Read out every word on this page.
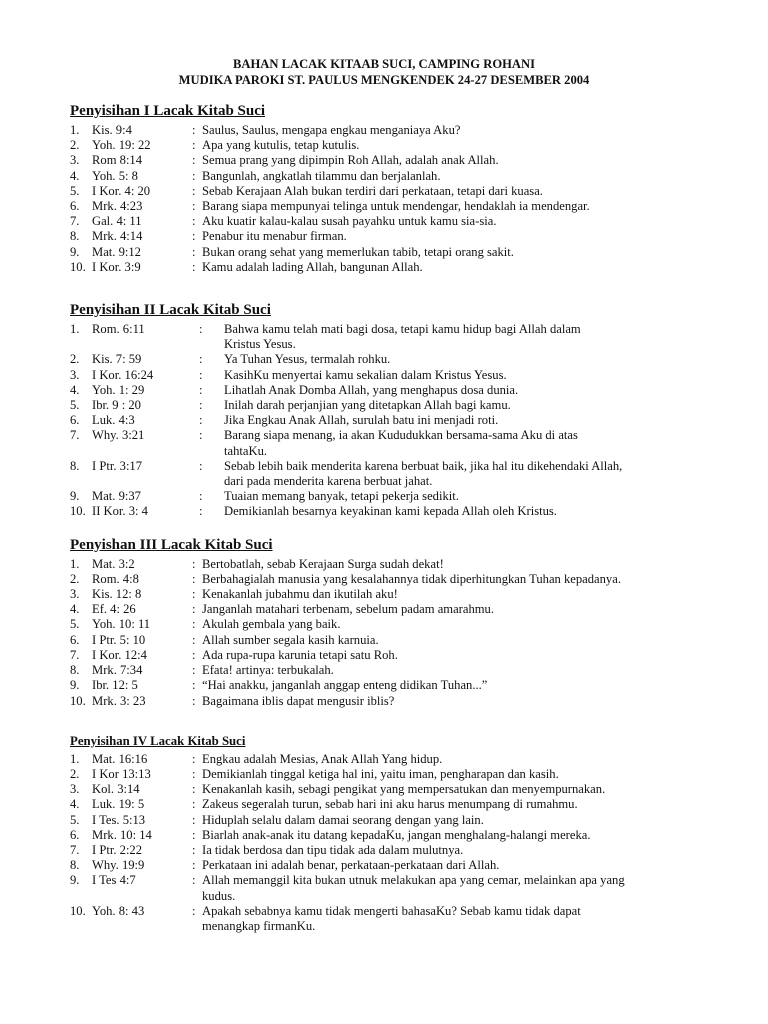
BAHAN LACAK KITAAB SUCI, CAMPING ROHANI
MUDIKA PAROKI ST. PAULUS MENGKENDEK 24-27 DESEMBER 2004
Penyisihan I Lacak Kitab Suci
1. Kis. 9:4	: Saulus, Saulus, mengapa engkau menganiaya Aku?
2. Yoh. 19: 22	: Apa yang kutulis, tetap kutulis.
3. Rom 8:14	: Semua prang yang dipimpin Roh Allah, adalah anak Allah.
4. Yoh. 5: 8	: Bangunlah, angkatlah tilammu dan berjalanlah.
5. I Kor. 4: 20	: Sebab Kerajaan Alah bukan terdiri dari perkataan, tetapi dari kuasa.
6. Mrk. 4:23	: Barang siapa mempunyai telinga untuk mendengar, hendaklah ia mendengar.
7. Gal. 4: 11	: Aku kuatir kalau-kalau susah payahku untuk kamu sia-sia.
8. Mrk. 4:14	: Penabur itu menabur firman.
9. Mat. 9:12	: Bukan orang sehat yang memerlukan tabib, tetapi orang sakit.
10. I Kor. 3:9	: Kamu adalah lading Allah, bangunan Allah.
Penyisihan II Lacak Kitab Suci
1. Rom. 6:11	:	Bahwa kamu telah mati bagi dosa, tetapi kamu hidup bagi Allah dalam
Kristus Yesus.
2. Kis. 7: 59	:	Ya Tuhan Yesus, termalah rohku.
3. I Kor. 16:24	:	KasihKu menyertai kamu sekalian dalam Kristus Yesus.
4. Yoh. 1: 29	:	Lihatlah Anak Domba Allah, yang menghapus dosa dunia.
5. Ibr. 9 : 20	:	Inilah darah perjanjian yang ditetapkan Allah bagi kamu.
6. Luk. 4:3	:	Jika Engkau Anak Allah, surulah batu ini menjadi roti.
7. Why. 3:21	:	Barang siapa menang, ia akan Kududukkan bersama-sama Aku di atas
tahtaKu.
8. I Ptr. 3:17	:	Sebab lebih baik menderita karena berbuat baik, jika hal itu dikehendaki Allah,
dari pada menderita karena berbuat jahat.
9. Mat. 9:37	:	Tuaian memang banyak, tetapi pekerja sedikit.
10. II Kor. 3: 4	:	Demikianlah besarnya keyakinan kami kepada Allah oleh Kristus.
Penyishan III Lacak Kitab Suci
1. Mat. 3:2	: Bertobatlah, sebab Kerajaan Surga sudah dekat!
2. Rom. 4:8	: Berbahagialah manusia yang kesalahannya tidak diperhitungkan Tuhan kepadanya.
3. Kis. 12: 8	: Kenakanlah jubahmu dan ikutilah aku!
4. Ef. 4: 26	: Janganlah matahari terbenam, sebelum padam amarahmu.
5. Yoh. 10: 11	: Akulah gembala yang baik.
6. I Ptr. 5: 10	: Allah sumber segala kasih karnuia.
7. I Kor. 12:4	: Ada rupa-rupa karunia tetapi satu Roh.
8. Mrk. 7:34	: Efata! artinya: terbukalah.
9. Ibr. 12: 5	: “Hai anakku, janganlah anggap enteng didikan Tuhan...”
10. Mrk. 3: 23	: Bagaimana iblis dapat mengusir iblis?
Penyisihan IV Lacak Kitab Suci
1. Mat. 16:16	: Engkau adalah Mesias, Anak Allah Yang hidup.
2. I Kor 13:13	: Demikianlah tinggal ketiga hal ini, yaitu iman, pengharapan dan kasih.
3. Kol. 3:14	: Kenakanlah kasih, sebagi pengikat yang mempersatukan dan menyempurnakan.
4. Luk. 19: 5	: Zakeus segeralah turun, sebab hari ini aku harus menumpang di rumahmu.
5. I Tes. 5:13	: Hiduplah selalu dalam damai seorang dengan yang lain.
6. Mrk. 10: 14	: Biarlah anak-anak itu datang kepadaKu, jangan menghalang-halangi mereka.
7. I Ptr. 2:22	: Ia tidak berdosa dan tipu tidak ada dalam mulutnya.
8. Why. 19:9	: Perkataan ini adalah benar, perkataan-perkataan dari Allah.
9. I Tes 4:7	: Allah memanggil kita bukan utnuk melakukan apa yang cemar, melainkan apa yang
kudus.
10. Yoh. 8: 43	: Apakah sebabnya kamu tidak mengerti bahasaKu? Sebab kamu tidak dapat
menangkap firmanKu.
